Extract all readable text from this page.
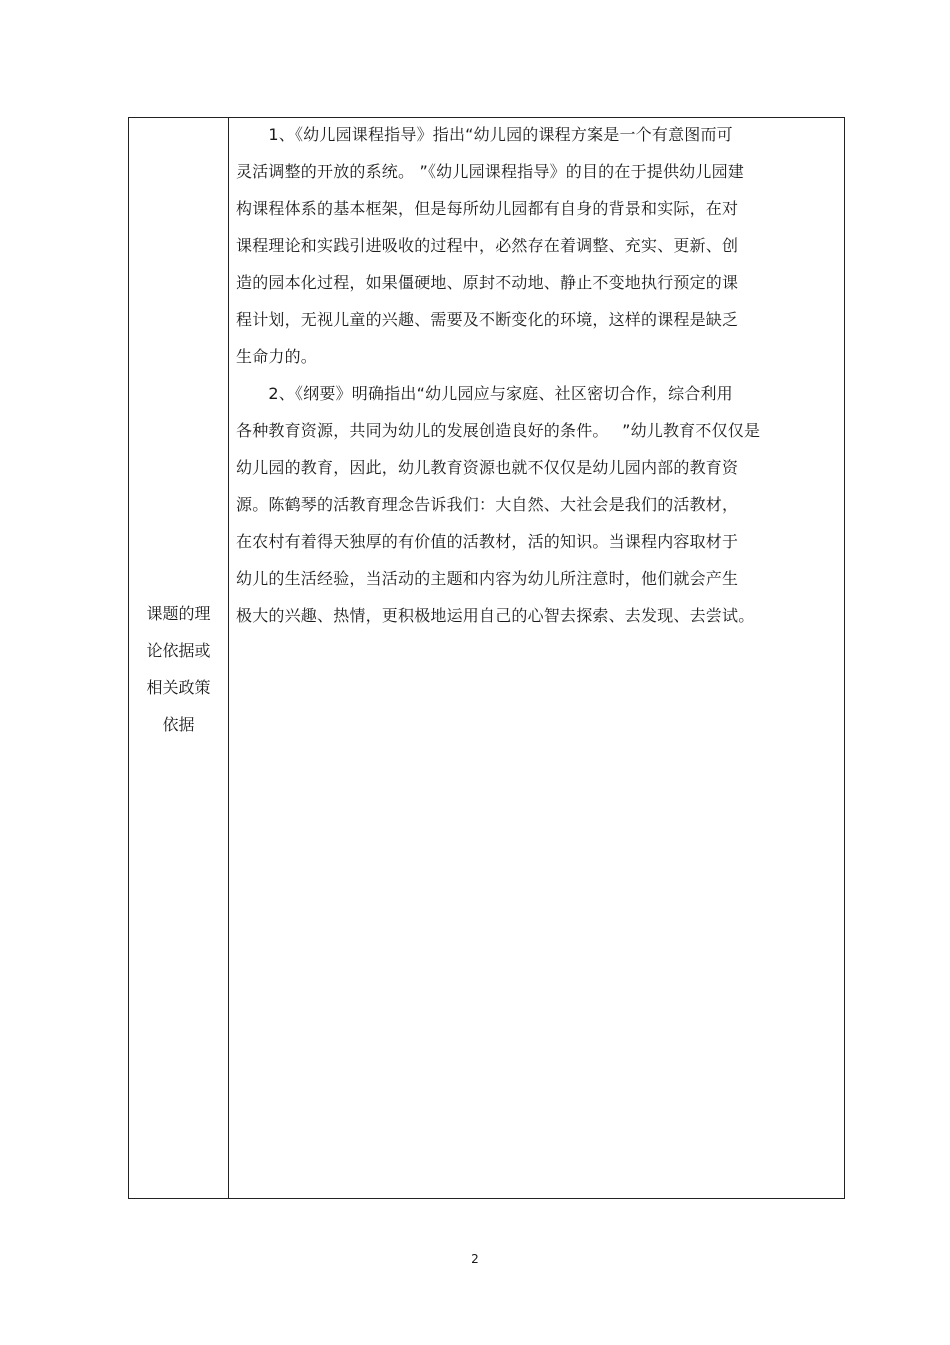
课题的理论依据或相关政策依据
　　1、《幼儿园课程指导》指出“幼儿园的课程方案是一个有意图而可
灵活调整的开放的系统。 ”《幼儿园课程指导》的目的在于提供幼儿园建
构课程体系的基本框架，但是每所幼儿园都有自身的背景和实际，在对
课程理论和实践引进吸收的过程中，必然存在着调整、充实、更新、创
造的园本化过程，如果僵硬地、原封不动地、静止不变地执行预定的课
程计划，无视儿童的兴趣、需要及不断变化的环境，这样的课程是缺乏
生命力的。
　　2、《纲要》明确指出“幼儿园应与家庭、社区密切合作，综合利用
各种教育资源，共同为幼儿的发展创造良好的条件。　 ”幼儿教育不仅仅是
幼儿园的教育，因此，幼儿教育资源也就不仅仅是幼儿园内部的教育资
源。陈鹤琴的活教育理念告诉我们：大自然、大社会是我们的活教材，
在农村有着得天独厚的有价值的活教材，活的知识。当课程内容取材于
幼儿的生活经验，当活动的主题和内容为幼儿所注意时，他们就会产生
极大的兴趣、热情，更积极地运用自己的心智去探索、去发现、去尝试。
2
